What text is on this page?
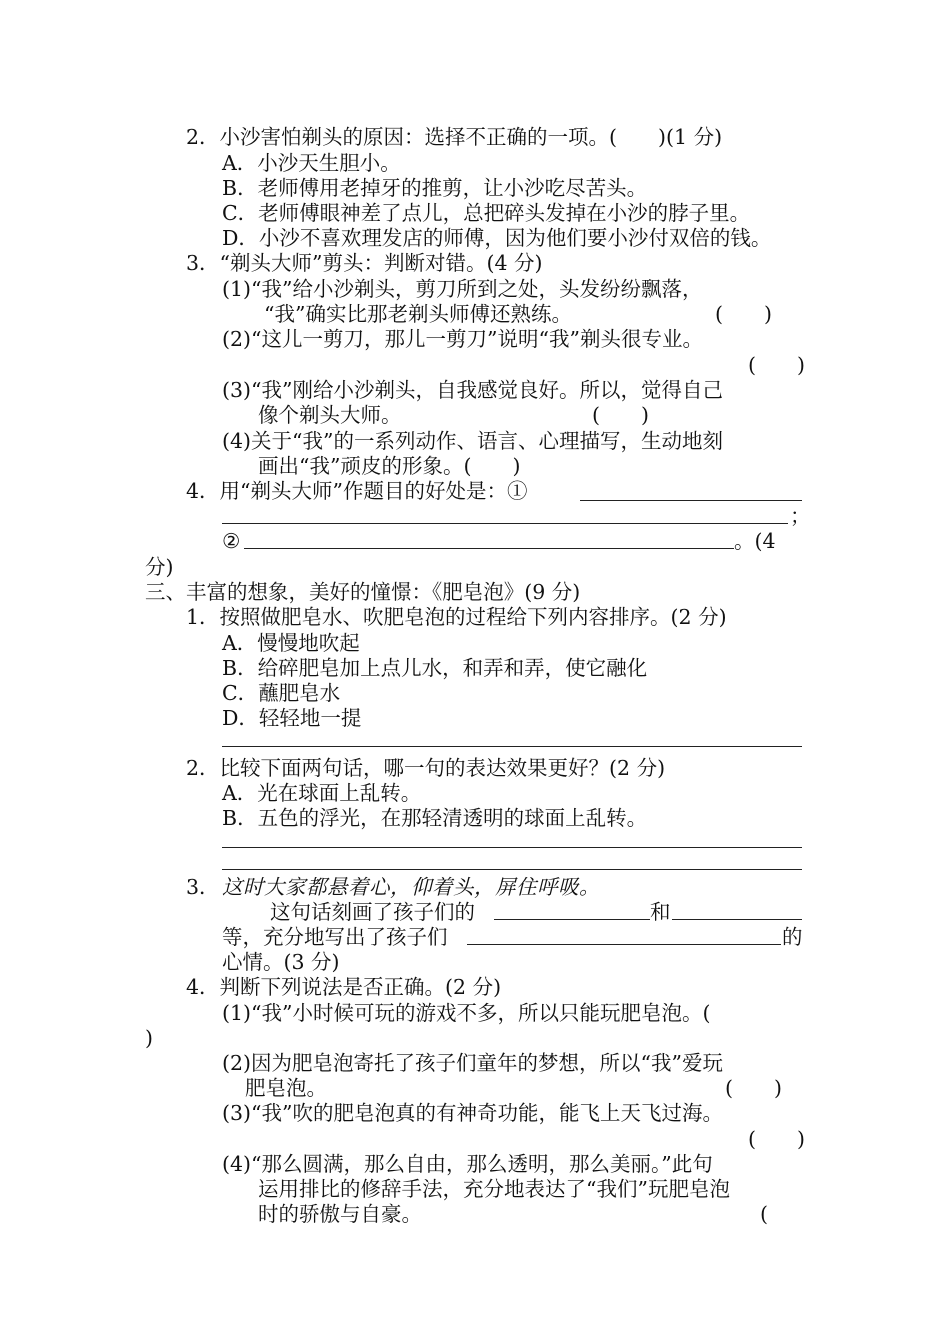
2．小沙害怕剃头的原因：选择不正确的一项。(　　)(1 分)
A．小沙天生胆小。
B．老师傅用老掉牙的推剪，让小沙吃尽苦头。
C．老师傅眼神差了点儿，总把碎头发掉在小沙的脖子里。
D．小沙不喜欢理发店的师傅，因为他们要小沙付双倍的钱。
3．“剃头大师”剪头：判断对错。(4 分)
(1)“我”给小沙剃头，剪刀所到之处，头发纷纷飘落，
“我”确实比那老剃头师傅还熟练。	(　　)
(2)“这儿一剪刀，那儿一剪刀”说明“我”剃头很专业。
(　　)
(3)“我”刚给小沙剃头，自我感觉良好。所以，觉得自己
像个剃头大师。	(　　)
(4)关于“我”的一系列动作、语言、心理描写，生动地刻
画出“我”顽皮的形象。(　　)
4．用“剃头大师”作题目的好处是：①
；
②	。(4
分)
三、丰富的想象，美好的憧憬：《肥皂泡》(9 分)
1．按照做肥皂水、吹肥皂泡的过程给下列内容排序。(2 分)
A．慢慢地吹起
B．给碎肥皂加上点儿水，和弄和弄，使它融化
C．蘸肥皂水
D．轻轻地一提
2．比较下面两句话，哪一句的表达效果更好？(2 分)
A．光在球面上乱转。
B．五色的浮光，在那轻清透明的球面上乱转。
3． 这时大家都悬着心，仰着头，屏住呼吸。
这句话刻画了孩子们的	和
等，充分地写出了孩子们	的
心情。(3 分)
4．判断下列说法是否正确。(2 分)
(1)“我”小时候可玩的游戏不多，所以只能玩肥皂泡。(
)
(2)因为肥皂泡寄托了孩子们童年的梦想，所以“我”爱玩
肥皂泡。	(　　)
(3)“我”吹的肥皂泡真的有神奇功能，能飞上天飞过海。
(　　)
(4)“那么圆满，那么自由，那么透明，那么美丽。”此句
运用排比的修辞手法，充分地表达了“我们”玩肥皂泡
时的骄傲与自豪。	(
